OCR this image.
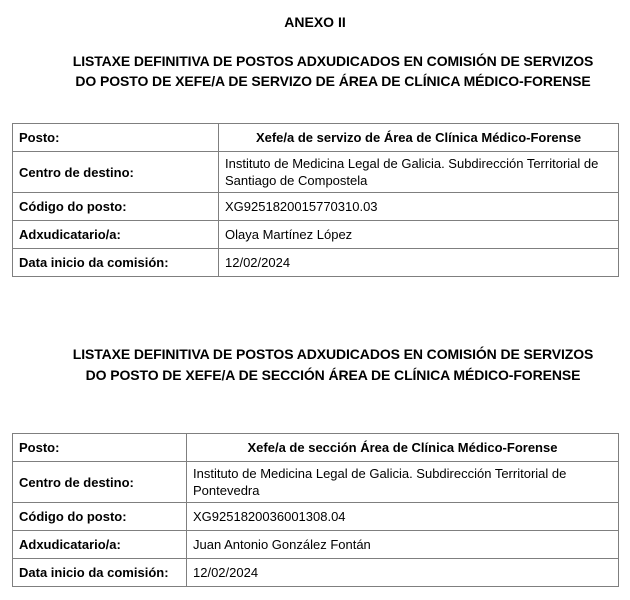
ANEXO II
LISTAXE DEFINITIVA DE POSTOS ADXUDICADOS EN COMISIÓN DE SERVIZOS
DO POSTO DE XEFE/A DE SERVIZO DE ÁREA DE CLÍNICA MÉDICO-FORENSE
Posto:	Xefe/a de servizo de Área de Clínica Médico-Forense
Centro de destino:	Instituto de Medicina Legal de Galicia. Subdirección Territorial de Santiago de Compostela
Código do posto:	XG9251820015770310.03
Adxudicatario/a:	Olaya Martínez López
Data inicio da comisión:	12/02/2024
LISTAXE DEFINITIVA DE POSTOS ADXUDICADOS EN COMISIÓN DE SERVIZOS
DO POSTO DE XEFE/A DE SECCIÓN ÁREA DE CLÍNICA MÉDICO-FORENSE
Posto:	Xefe/a de sección Área de Clínica Médico-Forense
Centro de destino:	Instituto de Medicina Legal de Galicia. Subdirección Territorial de Pontevedra
Código do posto:	XG9251820036001308.04
Adxudicatario/a:	Juan Antonio González Fontán
Data inicio da comisión:	12/02/2024
